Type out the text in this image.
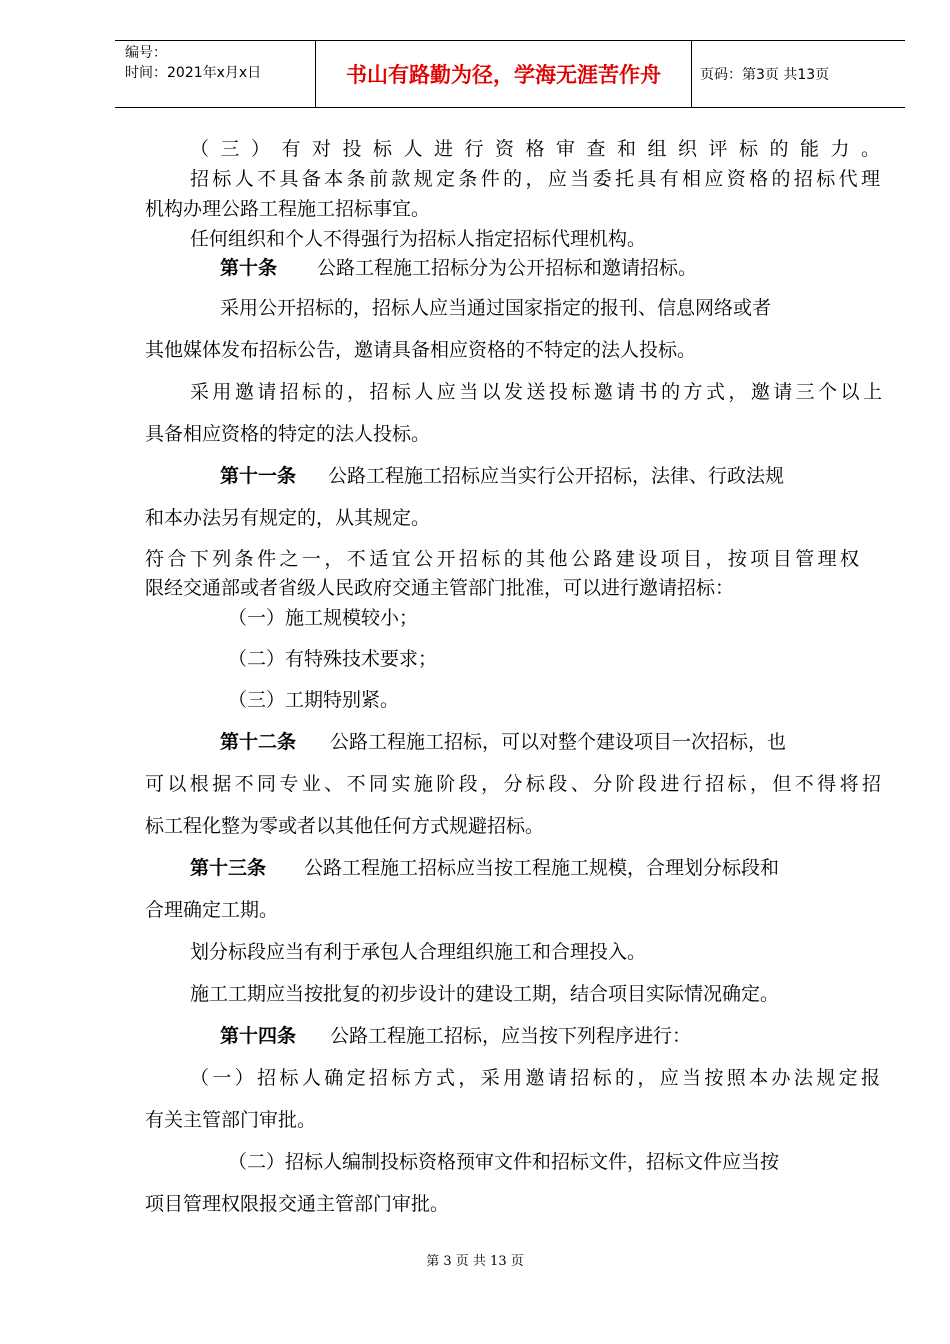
编号：
时间：2021年x月x日	书山有路勤为径，学海无涯苦作舟	页码：第3页 共13页
（三）有对投标人进行资格审查和组织评标的能力。
招标人不具备本条前款规定条件的，应当委托具有相应资格的招标代理
机构办理公路工程施工招标事宜。
任何组织和个人不得强行为招标人指定招标代理机构。
第十条 公路工程施工招标分为公开招标和邀请招标。
采用公开招标的，招标人应当通过国家指定的报刊、信息网络或者
其他媒体发布招标公告，邀请具备相应资格的不特定的法人投标。
采用邀请招标的，招标人应当以发送投标邀请书的方式，邀请三个以上
具备相应资格的特定的法人投标。
第十一条 公路工程施工招标应当实行公开招标，法律、行政法规
和本办法另有规定的，从其规定。
符合下列条件之一，不适宜公开招标的其他公路建设项目，按项目管理权
限经交通部或者省级人民政府交通主管部门批准，可以进行邀请招标：
（一）施工规模较小；
（二）有特殊技术要求；
（三）工期特别紧。
第十二条 公路工程施工招标，可以对整个建设项目一次招标，也
可以根据不同专业、不同实施阶段，分标段、分阶段进行招标，但不得将招
标工程化整为零或者以其他任何方式规避招标。
第十三条 公路工程施工招标应当按工程施工规模，合理划分标段和
合理确定工期。
划分标段应当有利于承包人合理组织施工和合理投入。
施工工期应当按批复的初步设计的建设工期，结合项目实际情况确定。
第十四条 公路工程施工招标，应当按下列程序进行：
（一）招标人确定招标方式，采用邀请招标的，应当按照本办法规定报
有关主管部门审批。
（二）招标人编制投标资格预审文件和招标文件，招标文件应当按
项目管理权限报交通主管部门审批。
第 3 页 共 13 页
